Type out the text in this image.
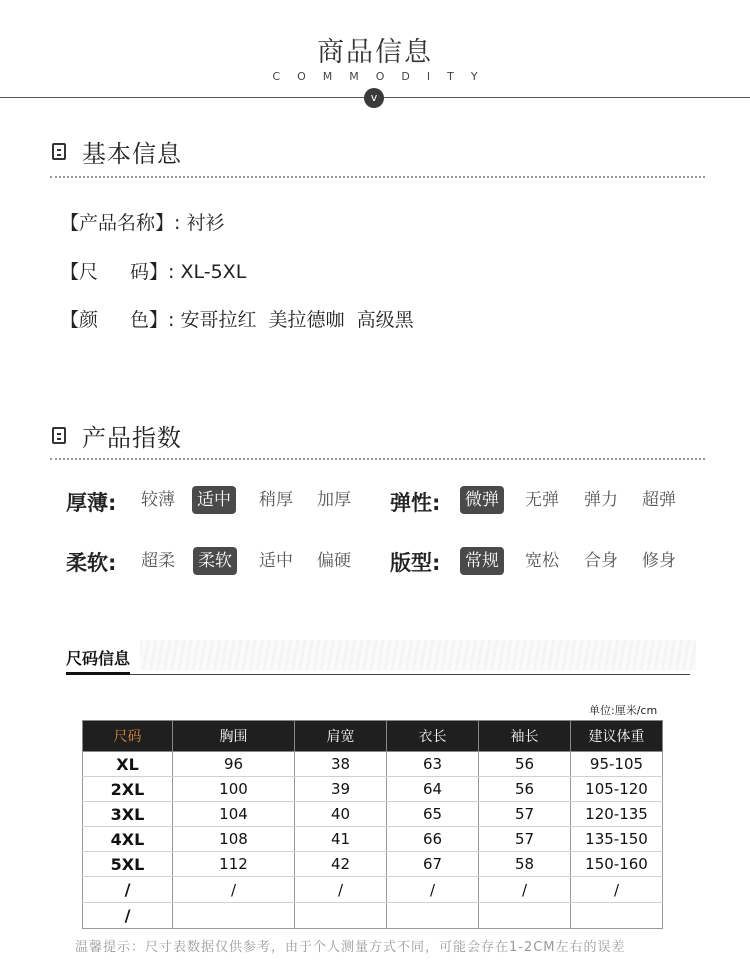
商品信息
COMMODITY
v
基本信息
【产品名称】: 衬衫
【 尺 码 】: XL-5XL
【 颜 色 】: 安哥拉红  美拉德咖  高级黑
产品指数
厚薄: 较薄 适中 稍厚 加厚 弹性: 微弹 无弹 弹力 超弹
柔软: 超柔 柔软 适中 偏硬 版型: 常规 宽松 合身 修身
尺码信息
单位:厘米/cm
尺码	胸围	肩宽	衣长	袖长	建议体重
XL	96	38	63	56	95-105
2XL	100	39	64	56	105-120
3XL	104	40	65	57	120-135
4XL	108	41	66	57	135-150
5XL	112	42	67	58	150-160
/	/	/	/	/	/
/					
温馨提示：尺寸表数据仅供参考，由于个人测量方式不同，可能会存在1-2CM左右的误差
